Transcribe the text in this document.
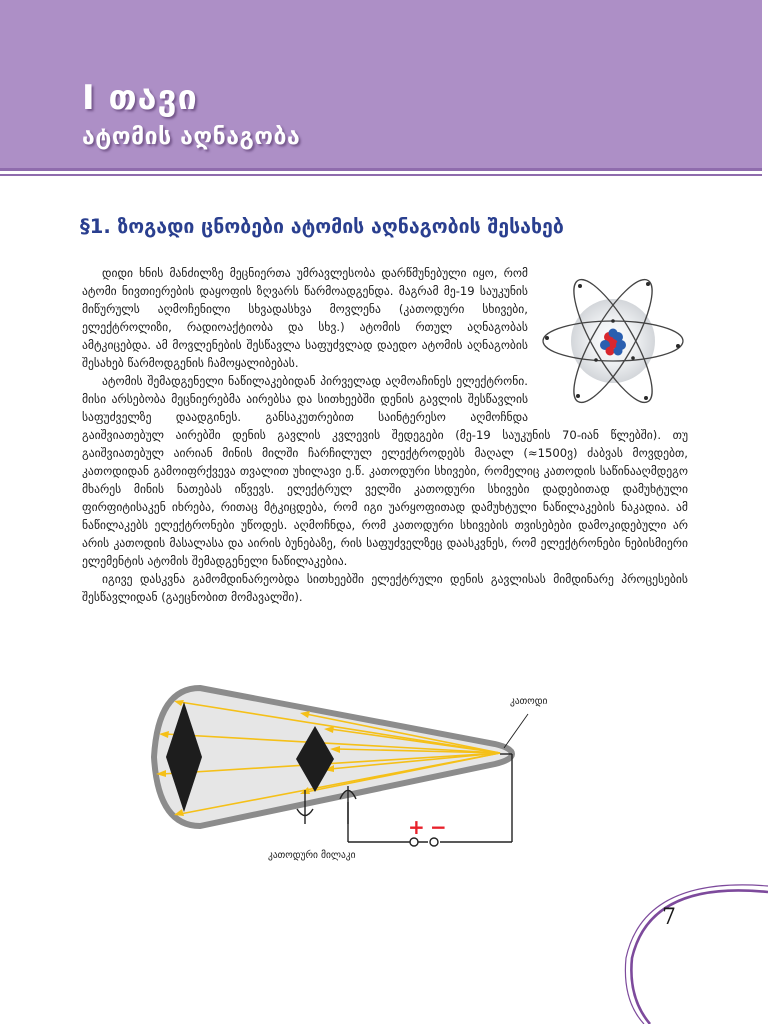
I თავი
ატომის აღნაგობა
§1. ზოგადი ცნობები ატომის აღნაგობის შესახებ

დიდი ხნის მანძილზე მეცნიერთა უმრავლესობა დარწმუნებული იყო, რომ ატომი ნივთიერების დაყოფის ზღვარს წარმოადგენდა. მაგრამ მე-19 საუკუნის მიწურულს აღმოჩენილი სხვადასხვა მოვლენა (კათოდური სხივები, ელექტროლიზი, რადიოაქტიობა და სხვ.) ატომის რთულ აღნაგობას ამტკიცებდა. ამ მოვლენების შესწავლა საფუძვლად დაედო ატომის აღნაგობის შესახებ წარმოდგენის ჩამოყალიბებას.

ატომის შემადგენელი ნაწილაკებიდან პირველად აღმოაჩინეს ელექტრონი. მისი არსებობა მეცნიერებმა აირებსა და სითხეებში დენის გავლის შესწავლის საფუძველზე დაადგინეს. განსაკუთრებით საინტერესო აღმოჩნდა გაიშვიათებულ აირებში დენის გავლის კვლევის შედეგები (მე-19 საუკუნის 70-იან წლებში). თუ გაიშვიათებულ აირიან მინის მილში ჩარჩილულ ელექტროდებს მაღალ (≈1500ვ) ძაბვას მოვდებთ, კათოდიდან გამოიფრქვევა თვალით უხილავი ე.წ. კათოდური სხივები, რომელიც კათოდის საწინააღმდეგო მხარეს მინის ნათებას იწვევს. ელექტრულ ველში კათოდური სხივები დადებითად დამუხტული ფირფიტისაკენ იხრება, რითაც მტკიცდება, რომ იგი უარყოფითად დამუხტული ნაწილაკების ნაკადია. ამ ნაწილაკებს ელექტრონები უწოდეს. აღმოჩნდა, რომ კათოდური სხივების თვისებები დამოკიდებული არ არის კათოდის მასალასა და აირის ბუნებაზე, რის საფუძველზეც დაასკვნეს, რომ ელექტრონები ნებისმიერი ელემენტის ატომის შემადგენელი ნაწილაკებია.

იგივე დასკვნა გამომდინარეობდა სითხეებში ელექტრული დენის გავლისას მიმდინარე პროცესების შესწავლიდან (გაეცნობით მომავალში).

+ −
კათოდი
კათოდური მილაკი
7
